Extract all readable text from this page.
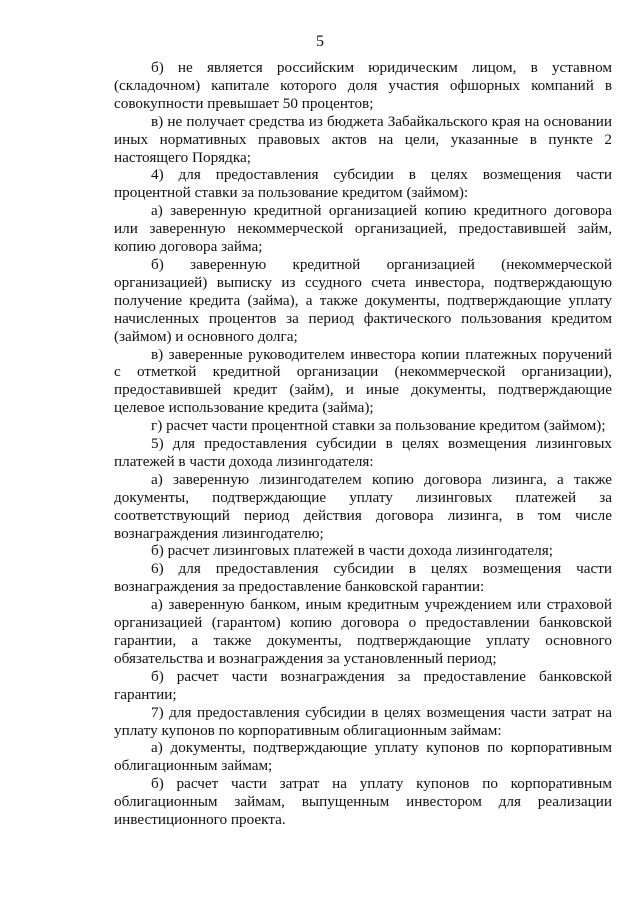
5

б) не является российским юридическим лицом, в уставном (складочном) капитале которого доля участия офшорных компаний в совокупности превышает 50 процентов;

в) не получает средства из бюджета Забайкальского края на основании иных нормативных правовых актов на цели, указанные в пункте 2 настоящего Порядка;

4) для предоставления субсидии в целях возмещения части процентной ставки за пользование кредитом (займом):

а) заверенную кредитной организацией копию кредитного договора или заверенную некоммерческой организацией, предоставившей займ, копию договора займа;

б) заверенную кредитной организацией (некоммерческой организацией) выписку из ссудного счета инвестора, подтверждающую получение кредита (займа), а также документы, подтверждающие уплату начисленных процентов за период фактического пользования кредитом (займом) и основного долга;

в) заверенные руководителем инвестора копии платежных поручений с отметкой кредитной организации (некоммерческой организации), предоставившей кредит (займ), и иные документы, подтверждающие целевое использование кредита (займа);

г) расчет части процентной ставки за пользование кредитом (займом);

5) для предоставления субсидии в целях возмещения лизинговых платежей в части дохода лизингодателя:

а) заверенную лизингодателем копию договора лизинга, а также документы, подтверждающие уплату лизинговых платежей за соответствующий период действия договора лизинга, в том числе вознаграждения лизингодателю;

б) расчет лизинговых платежей в части дохода лизингодателя;

6) для предоставления субсидии в целях возмещения части вознаграждения за предоставление банковской гарантии:

а) заверенную банком, иным кредитным учреждением или страховой организацией (гарантом) копию договора о предоставлении банковской гарантии, а также документы, подтверждающие уплату основного обязательства и вознаграждения за установленный период;

б) расчет части вознаграждения за предоставление банковской гарантии;

7) для предоставления субсидии в целях возмещения части затрат на уплату купонов по корпоративным облигационным займам:

а) документы, подтверждающие уплату купонов по корпоративным облигационным займам;

б) расчет части затрат на уплату купонов по корпоративным облигационным займам, выпущенным инвестором для реализации инвестиционного проекта.
